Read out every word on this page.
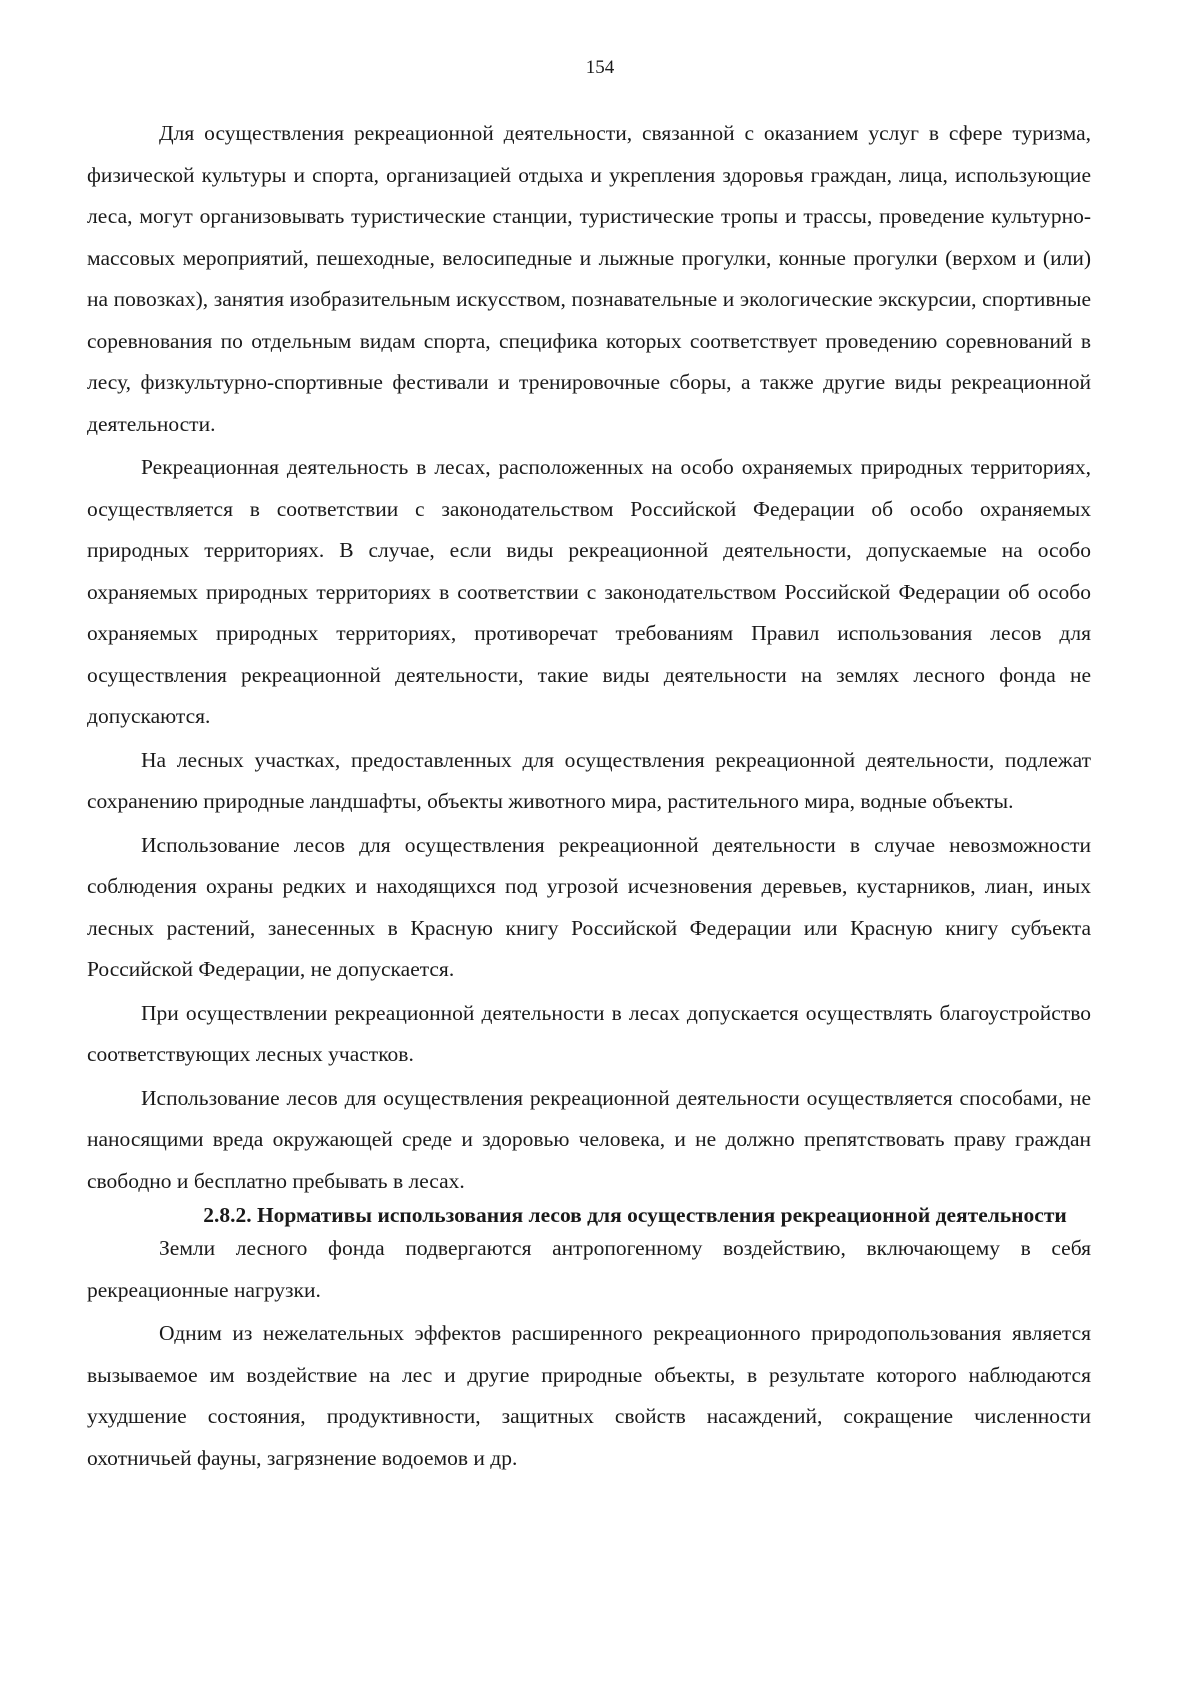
154

Для осуществления рекреационной деятельности, связанной с оказанием услуг в сфере туризма, физической культуры и спорта, организацией отдыха и укрепления здоровья граждан, лица, использующие леса, могут организовывать туристические станции, туристические тропы и трассы, проведение культурно-массовых мероприятий, пешеходные, велосипедные и лыжные прогулки, конные прогулки (верхом и (или) на повозках), занятия изобразительным искусством, познавательные и экологические экскурсии, спортивные соревнования по отдельным видам спорта, специфика которых соответствует проведению соревнований в лесу, физкультурно-спортивные фестивали и тренировочные сборы, а также другие виды рекреационной деятельности.

Рекреационная деятельность в лесах, расположенных на особо охраняемых природных территориях, осуществляется в соответствии с законодательством Российской Федерации об особо охраняемых природных территориях. В случае, если виды рекреационной деятельности, допускаемые на особо охраняемых природных территориях в соответствии с законодательством Российской Федерации об особо охраняемых природных территориях, противоречат требованиям Правил использования лесов для осуществления рекреационной деятельности, такие виды деятельности на землях лесного фонда не допускаются.

На лесных участках, предоставленных для осуществления рекреационной деятельности, подлежат сохранению природные ландшафты, объекты животного мира, растительного мира, водные объекты.

Использование лесов для осуществления рекреационной деятельности в случае невозможности соблюдения охраны редких и находящихся под угрозой исчезновения деревьев, кустарников, лиан, иных лесных растений, занесенных в Красную книгу Российской Федерации или Красную книгу субъекта Российской Федерации, не допускается.

При осуществлении рекреационной деятельности в лесах допускается осуществлять благоустройство соответствующих лесных участков.

Использование лесов для осуществления рекреационной деятельности осуществляется способами, не наносящими вреда окружающей среде и здоровью человека, и не должно препятствовать праву граждан свободно и бесплатно пребывать в лесах.

2.8.2. Нормативы использования лесов для осуществления рекреационной деятельности

Земли лесного фонда подвергаются антропогенному воздействию, включающему в себя рекреационные нагрузки.

Одним из нежелательных эффектов расширенного рекреационного природопользования является вызываемое им воздействие на лес и другие природные объекты, в результате которого наблюдаются ухудшение состояния, продуктивности, защитных свойств насаждений, сокращение численности охотничьей фауны, загрязнение водоемов и др.
